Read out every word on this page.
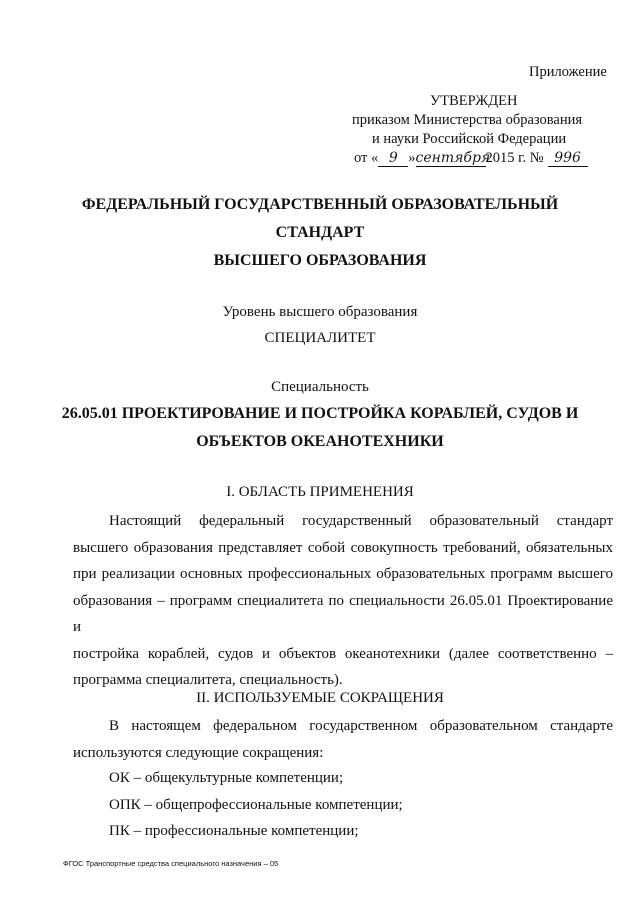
Приложение
УТВЕРЖДЕН
приказом Министерства образования
и науки Российской Федерации
от « 9 »сентября2015 г. № 996
ФЕДЕРАЛЬНЫЙ ГОСУДАРСТВЕННЫЙ ОБРАЗОВАТЕЛЬНЫЙ
СТАНДАРТ
ВЫСШЕГО ОБРАЗОВАНИЯ
Уровень высшего образования
СПЕЦИАЛИТЕТ
Специальность
26.05.01 ПРОЕКТИРОВАНИЕ И ПОСТРОЙКА КОРАБЛЕЙ, СУДОВ И
ОБЪЕКТОВ ОКЕАНОТЕХНИКИ
I. ОБЛАСТЬ ПРИМЕНЕНИЯ
Настоящий федеральный государственный образовательный стандарт
высшего образования представляет собой совокупность требований, обязательных
при реализации основных профессиональных образовательных программ высшего
образования – программ специалитета по специальности 26.05.01 Проектирование и
постройка кораблей, судов и объектов океанотехники (далее соответственно –
программа специалитета, специальность).
II. ИСПОЛЬЗУЕМЫЕ СОКРАЩЕНИЯ
В настоящем федеральном государственном образовательном стандарте
используются следующие сокращения:
ОК – общекультурные компетенции;
ОПК – общепрофессиональные компетенции;
ПК – профессиональные компетенции;
ФГОС Транспортные средства специального назначения – 05
